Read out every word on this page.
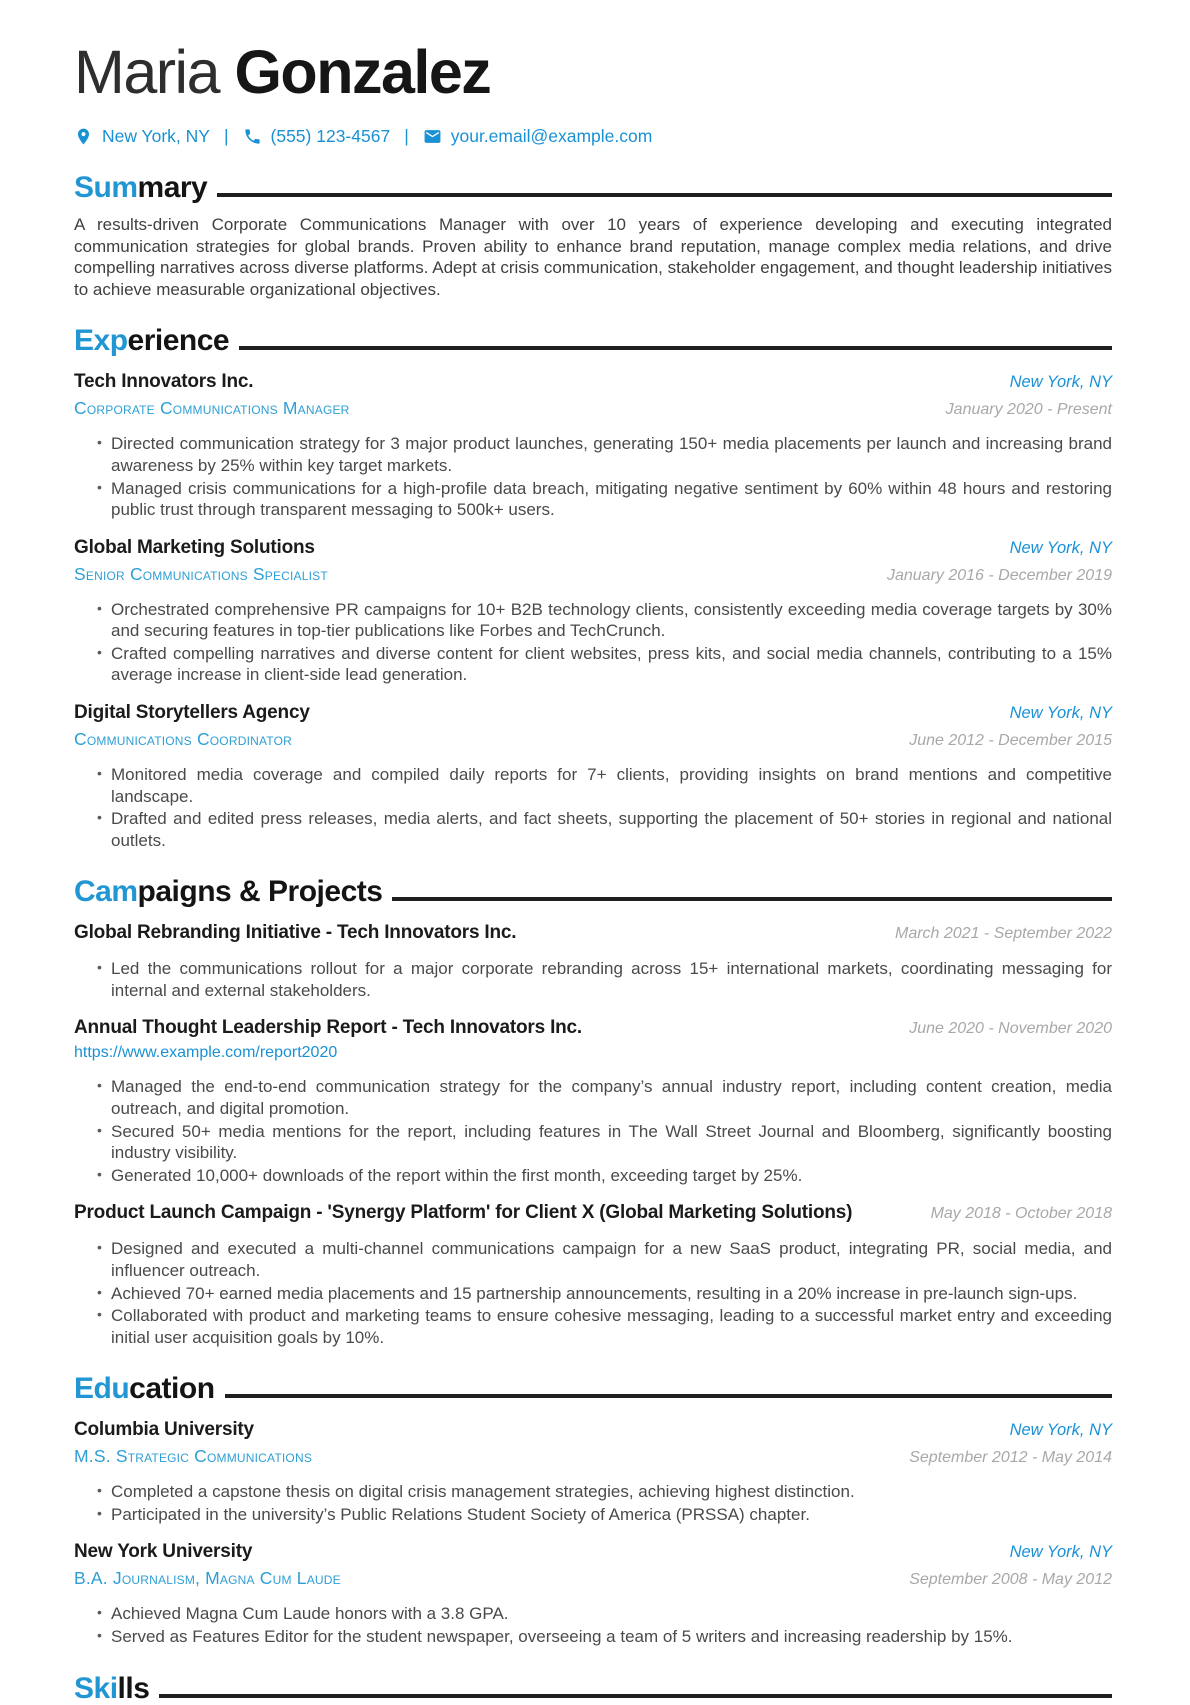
Maria Gonzalez
New York, NY | (555) 123-4567 | your.email@example.com
Sum mary

A results-driven Corporate Communications Manager with over 10 years of experience developing and executing integrated communication strategies for global brands. Proven ability to enhance brand reputation, manage complex media relations, and drive compelling narratives across diverse platforms. Adept at crisis communication, stakeholder engagement, and thought leadership initiatives to achieve measurable organizational objectives.

Exp erience
Tech Innovators Inc.	New York, NY
Corporate Communications Manager	January 2020 - Present
• Directed communication strategy for 3 major product launches, generating 150+ media placements per launch and increasing brand awareness by 25% within key target markets.
• Managed crisis communications for a high-profile data breach, mitigating negative sentiment by 60% within 48 hours and restoring public trust through transparent messaging to 500k+ users.
Global Marketing Solutions	New York, NY
Senior Communications Specialist	January 2016 - December 2019
• Orchestrated comprehensive PR campaigns for 10+ B2B technology clients, consistently exceeding media coverage targets by 30% and securing features in top-tier publications like Forbes and TechCrunch.
• Crafted compelling narratives and diverse content for client websites, press kits, and social media channels, contributing to a 15% average increase in client-side lead generation.
Digital Storytellers Agency	New York, NY
Communications Coordinator	June 2012 - December 2015
• Monitored media coverage and compiled daily reports for 7+ clients, providing insights on brand mentions and competitive landscape.
• Drafted and edited press releases, media alerts, and fact sheets, supporting the placement of 50+ stories in regional and national outlets.
Cam paigns & Projects
Global Rebranding Initiative - Tech Innovators Inc.	March 2021 - September 2022
• Led the communications rollout for a major corporate rebranding across 15+ international markets, coordinating messaging for internal and external stakeholders.
Annual Thought Leadership Report - Tech Innovators Inc.	June 2020 - November 2020
https://www.example.com/report2020
• Managed the end-to-end communication strategy for the company’s annual industry report, including content creation, media outreach, and digital promotion.
• Secured 50+ media mentions for the report, including features in The Wall Street Journal and Bloomberg, significantly boosting industry visibility.
• Generated 10,000+ downloads of the report within the first month, exceeding target by 25%.
Product Launch Campaign - 'Synergy Platform' for Client X (Global Marketing Solutions)	May 2018 - October 2018
• Designed and executed a multi-channel communications campaign for a new SaaS product, integrating PR, social media, and influencer outreach.
• Achieved 70+ earned media placements and 15 partnership announcements, resulting in a 20% increase in pre-launch sign-ups.
• Collaborated with product and marketing teams to ensure cohesive messaging, leading to a successful market entry and exceeding initial user acquisition goals by 10%.
Edu cation
Columbia University	New York, NY
M.S. Strategic Communications	September 2012 - May 2014
• Completed a capstone thesis on digital crisis management strategies, achieving highest distinction.
• Participated in the university’s Public Relations Student Society of America (PRSSA) chapter.
New York University	New York, NY
B.A. Journalism, Magna Cum Laude	September 2008 - May 2012
• Achieved Magna Cum Laude honors with a 3.8 GPA.
• Served as Features Editor for the student newspaper, overseeing a team of 5 writers and increasing readership by 15%.
Ski lls
